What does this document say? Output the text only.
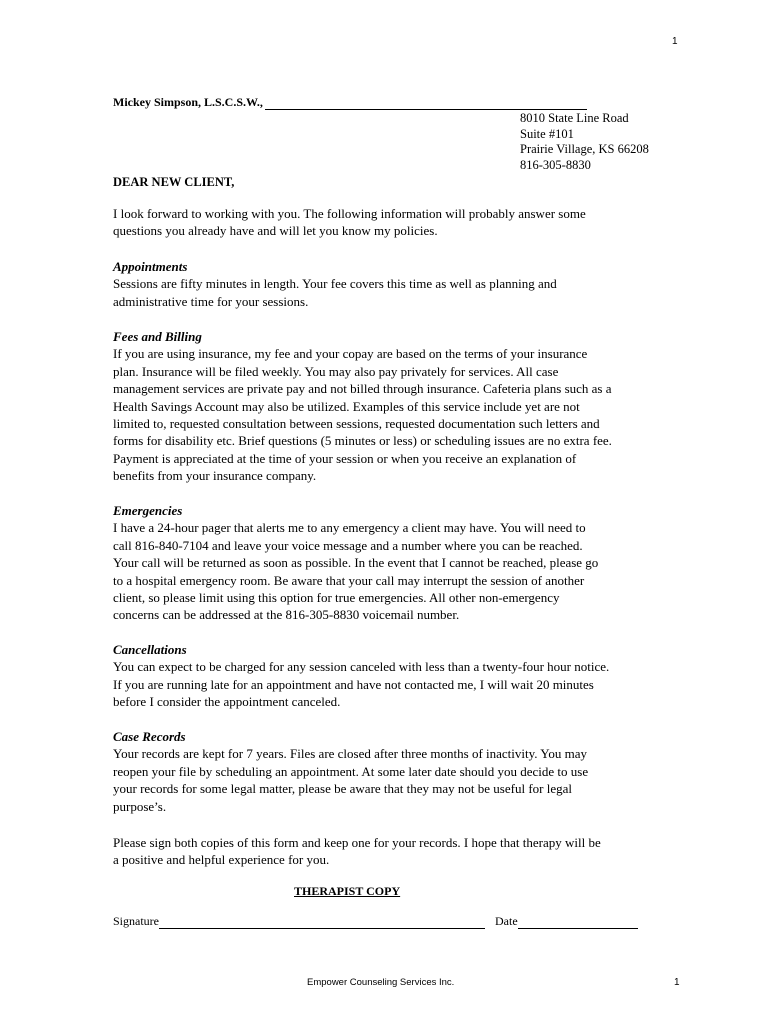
1
Mickey Simpson, L.S.C.S.W.,
8010 State Line Road
Suite #101
Prairie Village, KS 66208
816-305-8830
DEAR NEW CLIENT,
I look forward to working with you. The following information will probably answer some
questions you already have and will let you know my policies.
Appointments
Sessions are fifty minutes in length. Your fee covers this time as well as planning and
administrative time for your sessions.
Fees and Billing
If you are using insurance, my fee and your copay are based on the terms of your insurance
plan. Insurance will be filed weekly. You may also pay privately for services. All case
management services are private pay and not billed through insurance. Cafeteria plans such as a
Health Savings Account may also be utilized. Examples of this service include yet are not
limited to, requested consultation between sessions, requested documentation such letters and
forms for disability etc. Brief questions (5 minutes or less) or scheduling issues are no extra fee.
Payment is appreciated at the time of your session or when you receive an explanation of
benefits from your insurance company.
Emergencies
I have a 24-hour pager that alerts me to any emergency a client may have. You will need to
call 816-840-7104 and leave your voice message and a number where you can be reached.
Your call will be returned as soon as possible. In the event that I cannot be reached, please go
to a hospital emergency room. Be aware that your call may interrupt the session of another
client, so please limit using this option for true emergencies. All other non-emergency
concerns can be addressed at the 816-305-8830 voicemail number.
Cancellations
You can expect to be charged for any session canceled with less than a twenty-four hour notice.
If you are running late for an appointment and have not contacted me, I will wait 20 minutes
before I consider the appointment canceled.
Case Records
Your records are kept for 7 years. Files are closed after three months of inactivity. You may
reopen your file by scheduling an appointment. At some later date should you decide to use
your records for some legal matter, please be aware that they may not be useful for legal
purpose’s.
Please sign both copies of this form and keep one for your records. I hope that therapy will be
a positive and helpful experience for you.
THERAPIST COPY
Signature	Date
Empower Counseling Services Inc.	1
